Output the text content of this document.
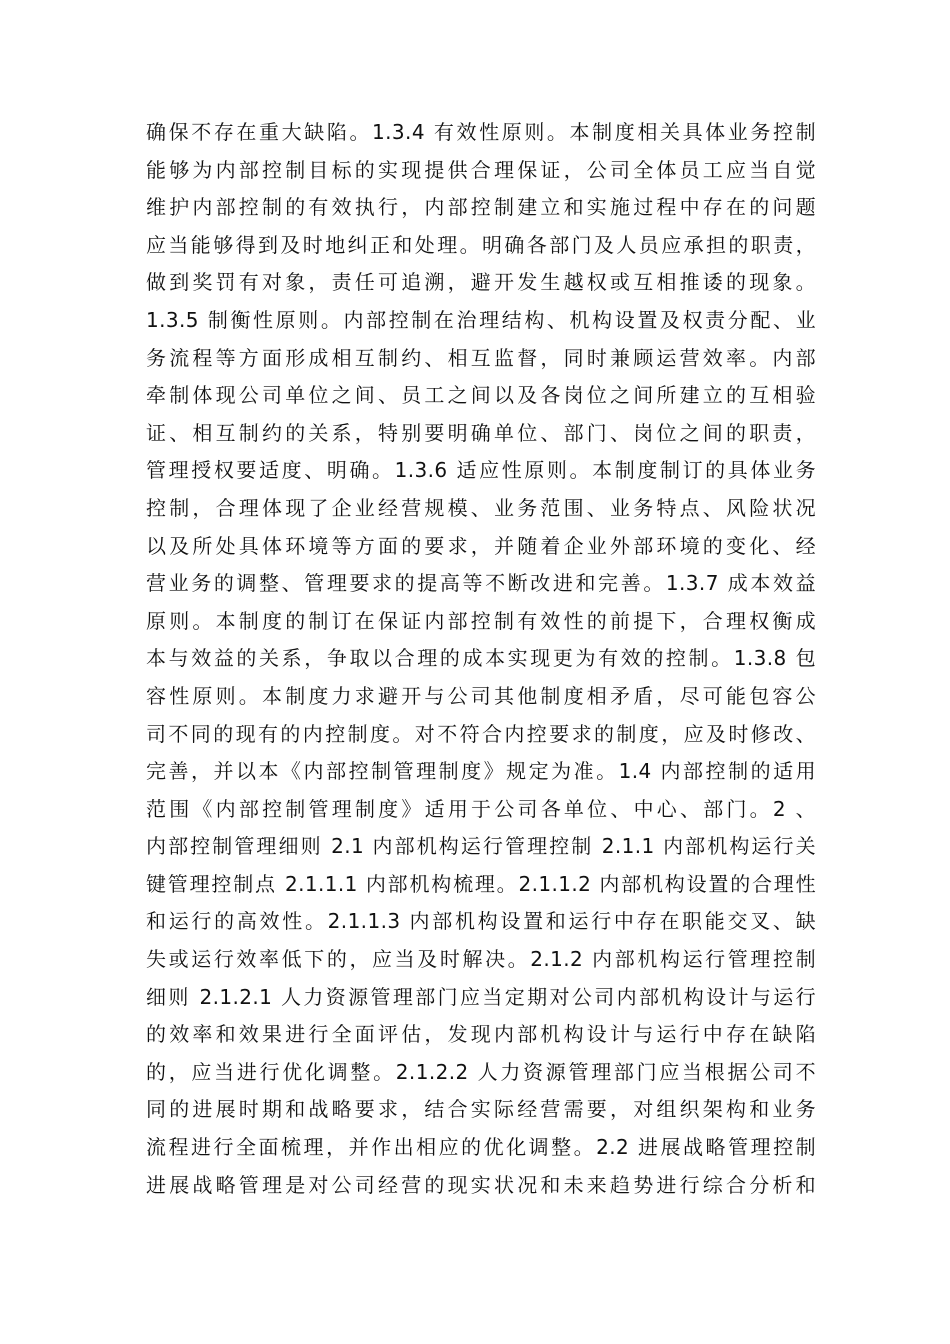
确保不存在重大缺陷。1.3.4 有效性原则。本制度相关具体业务控制
能够为内部控制目标的实现提供合理保证，公司全体员工应当自觉
维护内部控制的有效执行，内部控制建立和实施过程中存在的问题
应当能够得到及时地纠正和处理。明确各部门及人员应承担的职责，
做到奖罚有对象，责任可追溯，避开发生越权或互相推诿的现象。
1.3.5 制衡性原则。内部控制在治理结构、机构设置及权责分配、业
务流程等方面形成相互制约、相互监督，同时兼顾运营效率。内部
牵制体现公司单位之间、员工之间以及各岗位之间所建立的互相验
证、相互制约的关系，特别要明确单位、部门、岗位之间的职责，
管理授权要适度、明确。1.3.6 适应性原则。本制度制订的具体业务
控制，合理体现了企业经营规模、业务范围、业务特点、风险状况
以及所处具体环境等方面的要求，并随着企业外部环境的变化、经
营业务的调整、管理要求的提高等不断改进和完善。1.3.7 成本效益
原则。本制度的制订在保证内部控制有效性的前提下，合理权衡成
本与效益的关系，争取以合理的成本实现更为有效的控制。1.3.8 包
容性原则。本制度力求避开与公司其他制度相矛盾，尽可能包容公
司不同的现有的内控制度。对不符合内控要求的制度，应及时修改、
完善，并以本《内部控制管理制度》规定为准。1.4 内部控制的适用
范围《内部控制管理制度》适用于公司各单位、中心、部门。2 、
内部控制管理细则 2.1 内部机构运行管理控制 2.1.1 内部机构运行关
键管理控制点 2.1.1.1 内部机构梳理。2.1.1.2 内部机构设置的合理性
和运行的高效性。2.1.1.3 内部机构设置和运行中存在职能交叉、缺
失或运行效率低下的，应当及时解决。2.1.2 内部机构运行管理控制
细则 2.1.2.1 人力资源管理部门应当定期对公司内部机构设计与运行
的效率和效果进行全面评估，发现内部机构设计与运行中存在缺陷
的，应当进行优化调整。2.1.2.2 人力资源管理部门应当根据公司不
同的进展时期和战略要求，结合实际经营需要，对组织架构和业务
流程进行全面梳理，并作出相应的优化调整。2.2 进展战略管理控制
进展战略管理是对公司经营的现实状况和未来趋势进行综合分析和
